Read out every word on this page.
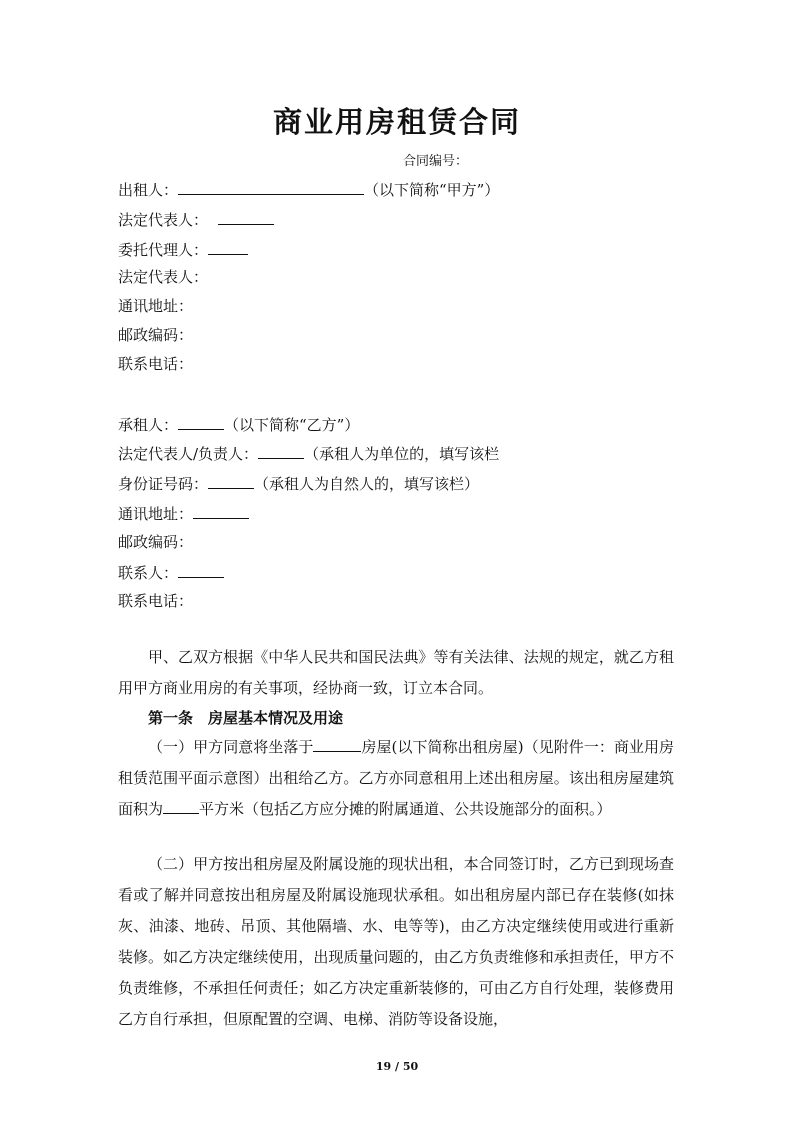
商业用房租赁合同
合同编号：
出租人：	（以下简称“甲方”）
法定代表人：
委托代理人：
法定代表人：
通讯地址：
邮政编码：
联系电话：
承租人：	（以下简称“乙方”）
法定代表人/负责人：	（承租人为单位的，填写该栏
身份证号码：	（承租人为自然人的，填写该栏）
通讯地址：
邮政编码：
联系人：
联系电话：

甲、乙双方根据《中华人民共和国民法典》等有关法律、法规的规定，就乙方租用甲方商业用房的有关事项，经协商一致，订立本合同。

第一条　房屋基本情况及用途

（一）甲方同意将坐落于	房屋(以下简称出租房屋)（见附件一：商业用房租赁范围平面示意图）出租给乙方。乙方亦同意租用上述出租房屋。该出租房屋建筑面积为 平方米（包括乙方应分摊的附属通道、公共设施部分的面积。）

（二）甲方按出租房屋及附属设施的现状出租，本合同签订时，乙方已到现场查看或了解并同意按出租房屋及附属设施现状承租。如出租房屋内部已存在装修(如抹灰、油漆、地砖、吊顶、其他隔墙、水、电等等)，由乙方决定继续使用或进行重新装修。如乙方决定继续使用，出现质量问题的，由乙方负责维修和承担责任，甲方不负责维修，不承担任何责任；如乙方决定重新装修的，可由乙方自行处理，装修费用乙方自行承担，但原配置的空调、电梯、消防等设备设施，

19 / 50
